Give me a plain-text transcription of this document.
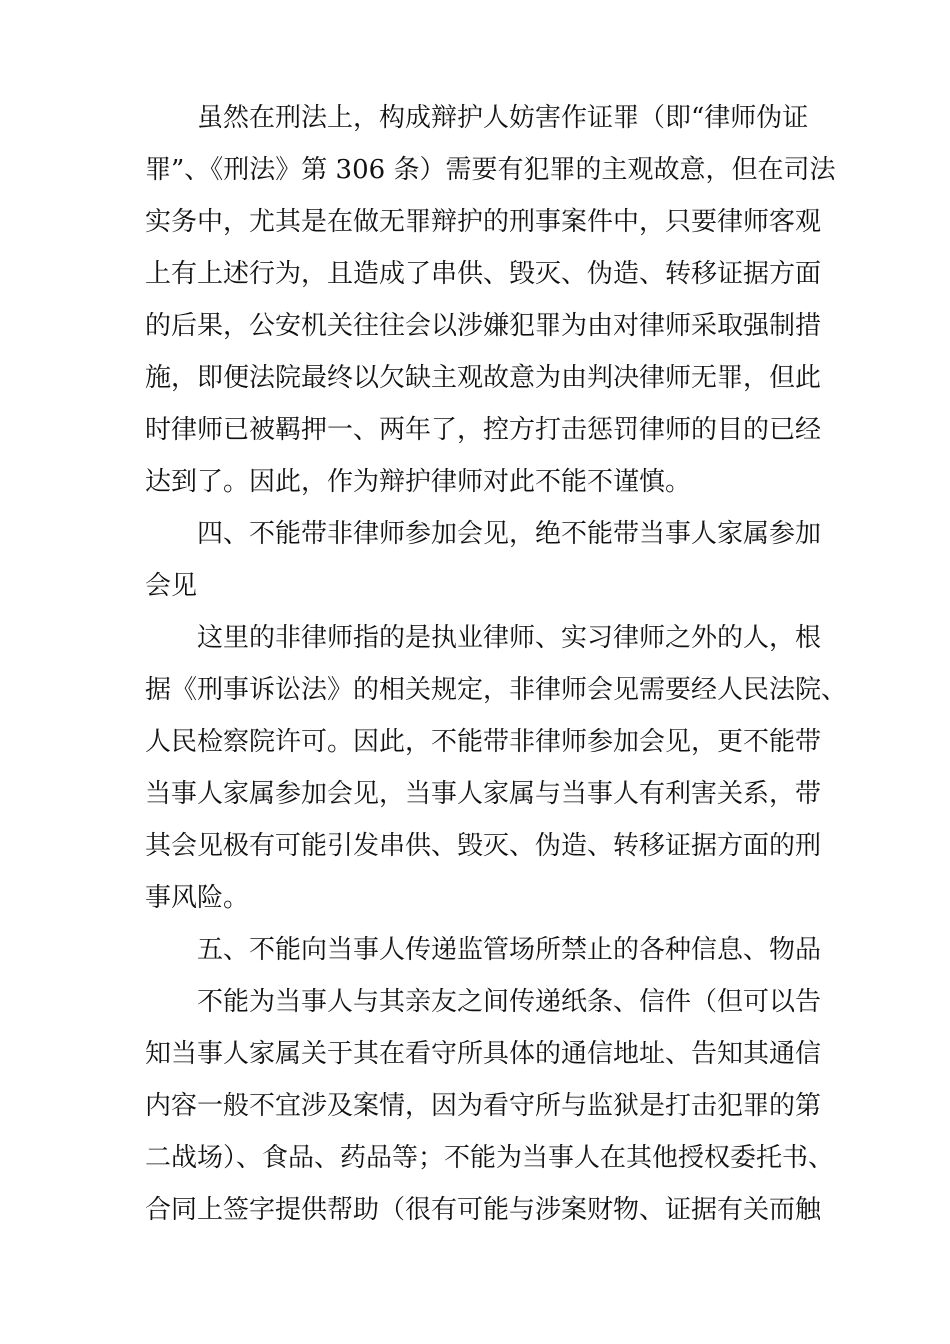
虽然在刑法上，构成辩护人妨害作证罪（即“律师伪证
罪”、《刑法》第 306 条）需要有犯罪的主观故意，但在司法
实务中，尤其是在做无罪辩护的刑事案件中，只要律师客观
上有上述行为，且造成了串供、毁灭、伪造、转移证据方面
的后果，公安机关往往会以涉嫌犯罪为由对律师采取强制措
施，即便法院最终以欠缺主观故意为由判决律师无罪，但此
时律师已被羁押一、两年了，控方打击惩罚律师的目的已经
达到了。因此，作为辩护律师对此不能不谨慎。
四、不能带非律师参加会见，绝不能带当事人家属参加
会见
这里的非律师指的是执业律师、实习律师之外的人，根
据《刑事诉讼法》的相关规定，非律师会见需要经人民法院、
人民检察院许可。因此，不能带非律师参加会见，更不能带
当事人家属参加会见，当事人家属与当事人有利害关系，带
其会见极有可能引发串供、毁灭、伪造、转移证据方面的刑
事风险。
五、不能向当事人传递监管场所禁止的各种信息、物品
不能为当事人与其亲友之间传递纸条、信件（但可以告
知当事人家属关于其在看守所具体的通信地址、告知其通信
内容一般不宜涉及案情，因为看守所与监狱是打击犯罪的第
二战场）、食品、药品等；不能为当事人在其他授权委托书、
合同上签字提供帮助（很有可能与涉案财物、证据有关而触
